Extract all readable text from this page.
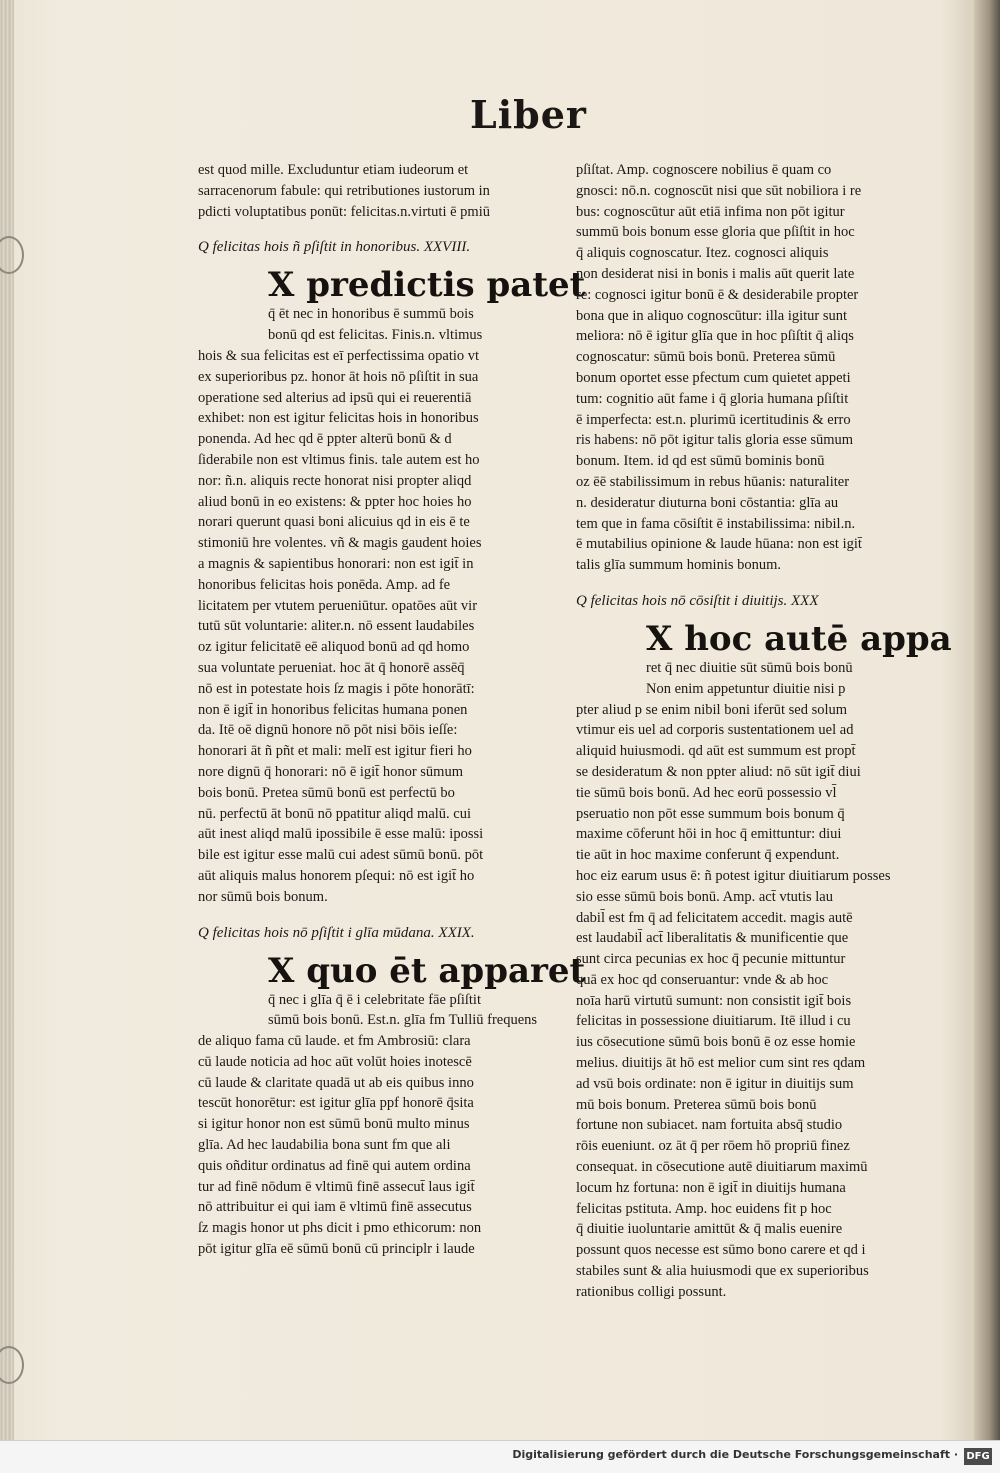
Liber
est quod mille. Excluduntur etiam iudeorum et
sarracenorum fabule: qui retributiones iustorum in
pdicti voluptatibus ponūt: felicitas.n.virtuti ē pmiū
Q felicitas hois ñ pſiſtit in honoribus. XXVIII.
X predictis patet
q̄ ēt nec in honoribus ē summū bois
bonū qd est felicitas. Finis.n. vltimus
hois & sua felicitas est eī perfectissima opatio vt
ex superioribus pz. honor āt hois nō pſiſtit in sua
operatione sed alterius ad ipsū qui ei reuerentiā
exhibet: non est igitur felicitas hois in honoribus
ponenda. Ad hec qd ē ppter alterū bonū & d
ſiderabile non est vltimus finis. tale autem est ho
nor: ñ.n. aliquis recte honorat nisi propter aliqd
aliud bonū in eo existens: & ppter hoc hoies ho
norari querunt quasi boni alicuius qd in eis ē te
stimoniū hre volentes. vñ & magis gaudent hoies
a magnis & sapientibus honorari: non est igit̄ in
honoribus felicitas hois ponēda. Amp. ad fe
licitatem per vtutem perueniūtur. opatōes aūt vir
tutū sūt voluntarie: aliter.n. nō essent laudabiles
oz igitur felicitatē eē aliquod bonū ad qd homo
sua voluntate perueniat. hoc āt q̄ honorē assēq̄
nō est in potestate hois ſz magis i pōte honorātī:
non ē igit̄ in honoribus felicitas humana ponen
da. Itē oē dignū honore nō pōt nisi bōis ieſſe:
honorari āt ñ pñt et mali: melī est igitur fieri ho
nore dignū q̄ honorari: nō ē igit̄ honor sūmum
bois bonū. Pretea sūmū bonū est perfectū bo
nū. perfectū āt bonū nō ppatitur aliqd malū. cui
aūt inest aliqd malū ipossibile ē esse malū: ipossi
bile est igitur esse malū cui adest sūmū bonū. pōt
aūt aliquis malus honorem pſequi: nō est igit̄ ho
nor sūmū bois bonum.
Q felicitas hois nō pſiſtit i glīa mūdana. XXIX.
X quo ēt apparet
q̄ nec i glīa q̄ ē i celebritate fāe pſiſtit
sūmū bois bonū. Est.n. glīa fm Tulliū frequens
de aliquo fama cū laude. et fm Ambrosiū: clara
cū laude noticia ad hoc aūt volūt hoies inotescē
cū laude & claritate quadā ut ab eis quibus inno
tescūt honorētur: est igitur glīa ppf honorē q̄sita
si igitur honor non est sūmū bonū multo minus
glīa. Ad hec laudabilia bona sunt fm que ali
quis oñditur ordinatus ad finē qui autem ordina
tur ad finē nōdum ē vltimū finē assecut̄ laus igit̄
nō attribuitur ei qui iam ē vltimū finē assecutus
ſz magis honor ut phs dicit i pmo ethicorum: non
pōt igitur glīa eē sūmū bonū cū principlr i laude
pſiſtat. Amp. cognoscere nobilius ē quam co
gnosci: nō.n. cognoscūt nisi que sūt nobiliora i re
bus: cognoscūtur aūt etiā infima non pōt igitur
summū bois bonum esse gloria que pſiſtit in hoc
q̄ aliquis cognoscatur. Itez. cognosci aliquis
non desiderat nisi in bonis i malis aūt querit late
re: cognosci igitur bonū ē & desiderabile propter
bona que in aliquo cognoscūtur: illa igitur sunt
meliora: nō ē igitur glīa que in hoc pſiſtit q̄ aliqs
cognoscatur: sūmū bois bonū. Preterea sūmū
bonum oportet esse pfectum cum quietet appeti
tum: cognitio aūt fame i q̄ gloria humana pſiſtit
ē imperfecta: est.n. plurimū icertitudinis & erro
ris habens: nō pōt igitur talis gloria esse sūmum
bonum. Item. id qd est sūmū bominis bonū
oz ēē stabilissimum in rebus hūanis: naturaliter
n. desideratur diuturna boni cōstantia: glīa au
tem que in fama cōsiſtit ē instabilissima: nibil.n.
ē mutabilius opinione & laude hūana: non est igit̄
talis glīa summum hominis bonum.
Q felicitas hois nō cōsiſtit i diuitijs. XXX
X hoc autē appa
ret q̄ nec diuitie sūt sūmū bois bonū
Non enim appetuntur diuitie nisi p
pter aliud p se enim nibil boni iferūt sed solum
vtimur eis uel ad corporis sustentationem uel ad
aliquid huiusmodi. qd aūt est summum est propt̄
se desideratum & non ppter aliud: nō sūt igit̄ diui
tie sūmū bois bonū. Ad hec eorū possessio vl̄
pseruatio non pōt esse summum bois bonum q̄
maxime cōferunt hōi in hoc q̄ emittuntur: diui
tie aūt in hoc maxime conferunt q̄ expendunt.
hoc eiz earum usus ē: ñ potest igitur diuitiarum posses
sio esse sūmū bois bonū. Amp. act̄ vtutis lau
dabil̄ est fm q̄ ad felicitatem accedit. magis autē
est laudabil̄ act̄ liberalitatis & munificentie que
sunt circa pecunias ex hoc q̄ pecunie mittuntur
quā ex hoc qd conseruantur: vnde & ab hoc
noīa harū virtutū sumunt: non consistit igit̄ bois
felicitas in possessione diuitiarum. Itē illud i cu
ius cōsecutione sūmū bois bonū ē oz esse homie
melius. diuitijs āt hō est melior cum sint res qdam
ad vsū bois ordinate: non ē igitur in diuitijs sum
mū bois bonum. Preterea sūmū bois bonū
fortune non subiacet. nam fortuita absq̄ studio
rōis eueniunt. oz āt q̄ per rōem hō propriū finez
consequat. in cōsecutione autē diuitiarum maximū
locum hz fortuna: non ē igit̄ in diuitijs humana
felicitas pstituta. Amp. hoc euidens fit p hoc
q̄ diuitie iuoluntarie amittūt & q̄ malis euenire
possunt quos necesse est sūmo bono carere et qd i
stabiles sunt & alia huiusmodi que ex superioribus
rationibus colligi possunt.
Digitalisierung gefördert durch die Deutsche Forschungsgemeinschaft · DFG
